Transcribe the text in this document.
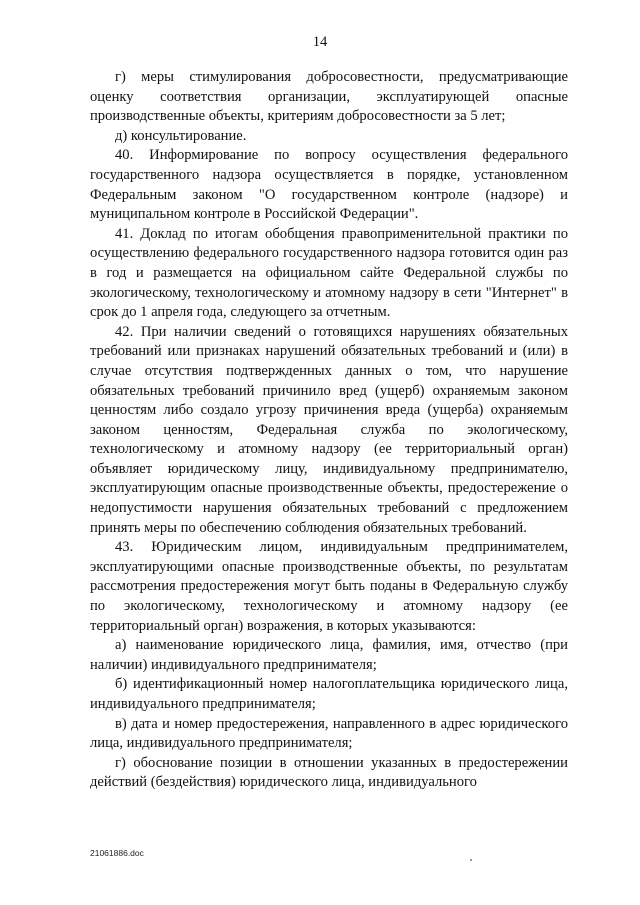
14

г) меры стимулирования добросовестности, предусматривающие оценку соответствия организации, эксплуатирующей опасные производственные объекты, критериям добросовестности за 5 лет;

д) консультирование.

40. Информирование по вопросу осуществления федерального государственного надзора осуществляется в порядке, установленном Федеральным законом "О государственном контроле (надзоре) и муниципальном контроле в Российской Федерации".

41. Доклад по итогам обобщения правоприменительной практики по осуществлению федерального государственного надзора готовится один раз в год и размещается на официальном сайте Федеральной службы по экологическому, технологическому и атомному надзору в сети "Интернет" в срок до 1 апреля года, следующего за отчетным.

42. При наличии сведений о готовящихся нарушениях обязательных требований или признаках нарушений обязательных требований и (или) в случае отсутствия подтвержденных данных о том, что нарушение обязательных требований причинило вред (ущерб) охраняемым законом ценностям либо создало угрозу причинения вреда (ущерба) охраняемым законом ценностям, Федеральная служба по экологическому, технологическому и атомному надзору (ее территориальный орган) объявляет юридическому лицу, индивидуальному предпринимателю, эксплуатирующим опасные производственные объекты, предостережение о недопустимости нарушения обязательных требований с предложением принять меры по обеспечению соблюдения обязательных требований.

43. Юридическим лицом, индивидуальным предпринимателем, эксплуатирующими опасные производственные объекты, по результатам рассмотрения предостережения могут быть поданы в Федеральную службу по экологическому, технологическому и атомному надзору (ее территориальный орган) возражения, в которых указываются:

а) наименование юридического лица, фамилия, имя, отчество (при наличии) индивидуального предпринимателя;

б) идентификационный номер налогоплательщика юридического лица, индивидуального предпринимателя;

в) дата и номер предостережения, направленного в адрес юридического лица, индивидуального предпринимателя;

г) обоснование позиции в отношении указанных в предостережении действий (бездействия) юридического лица, индивидуального

21061886.doc
